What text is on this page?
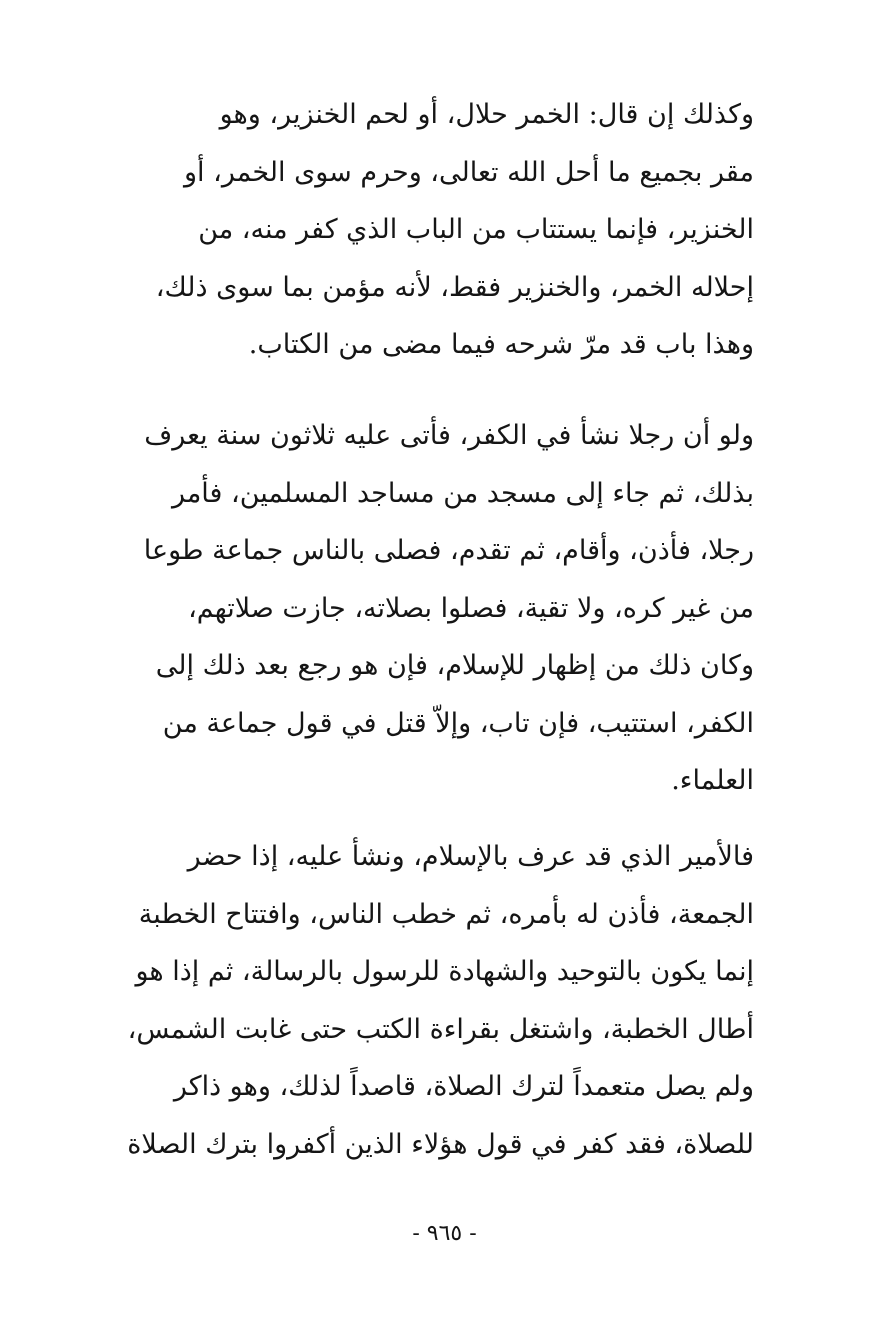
وكذلك إن قال: الخمر حلال، أو لحم الخنزير، وهو
مقر بجميع ما أحل الله تعالى، وحرم سوى الخمر، أو
الخنزير، فإنما يستتاب من الباب الذي كفر منه، من
إحلاله الخمر، والخنزير فقط، لأنه مؤمن بما سوى ذلك،
وهذا باب قد مرّ شرحه فيما مضى من الكتاب.
ولو أن رجلا نشأ في الكفر، فأتى عليه ثلاثون سنة يعرف
بذلك، ثم جاء إلى مسجد من مساجد المسلمين، فأمر
رجلا، فأذن، وأقام، ثم تقدم، فصلى بالناس جماعة طوعا
من غير كره، ولا تقية، فصلوا بصلاته، جازت صلاتهم،
وكان ذلك من إظهار للإسلام، فإن هو رجع بعد ذلك إلى
الكفر، استتيب، فإن تاب، وإلاّ قتل في قول جماعة من
العلماء.
فالأمير الذي قد عرف بالإسلام، ونشأ عليه، إذا حضر
الجمعة، فأذن له بأمره، ثم خطب الناس، وافتتاح الخطبة
إنما يكون بالتوحيد والشهادة للرسول بالرسالة، ثم إذا هو
أطال الخطبة، واشتغل بقراءة الكتب حتى غابت الشمس،
ولم يصل متعمداً لترك الصلاة، قاصداً لذلك، وهو ذاكر
للصلاة، فقد كفر في قول هؤلاء الذين أكفروا بترك الصلاة
- ٩٦٥ -
